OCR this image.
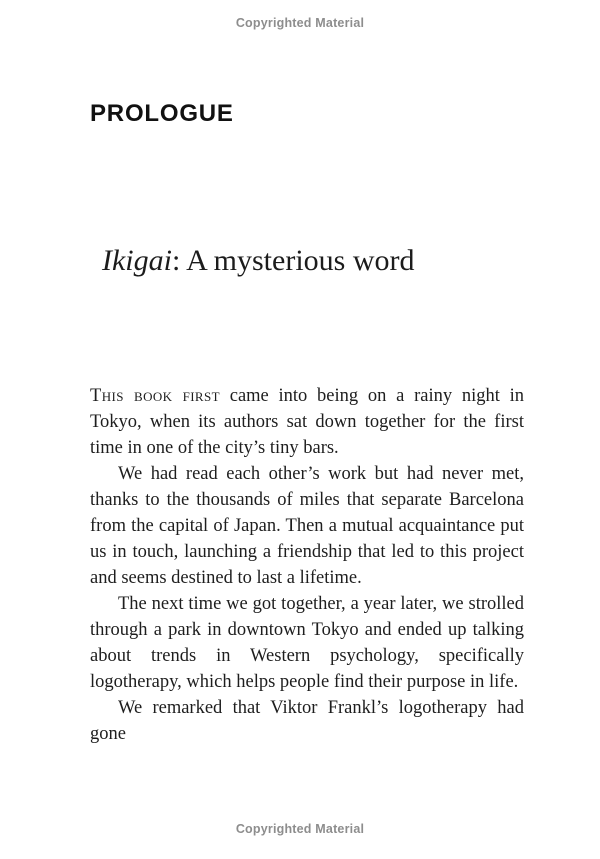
Copyrighted Material
PROLOGUE
Ikigai: A mysterious word

This book first came into being on a rainy night in Tokyo, when its authors sat down together for the first time in one of the city’s tiny bars.

We had read each other’s work but had never met, thanks to the thousands of miles that separate Barcelona from the capital of Japan. Then a mutual acquaintance put us in touch, launching a friendship that led to this project and seems destined to last a lifetime.

The next time we got together, a year later, we strolled through a park in downtown Tokyo and ended up talking about trends in Western psychology, specifically logotherapy, which helps people find their purpose in life.

We remarked that Viktor Frankl’s logotherapy had gone

Copyrighted Material
